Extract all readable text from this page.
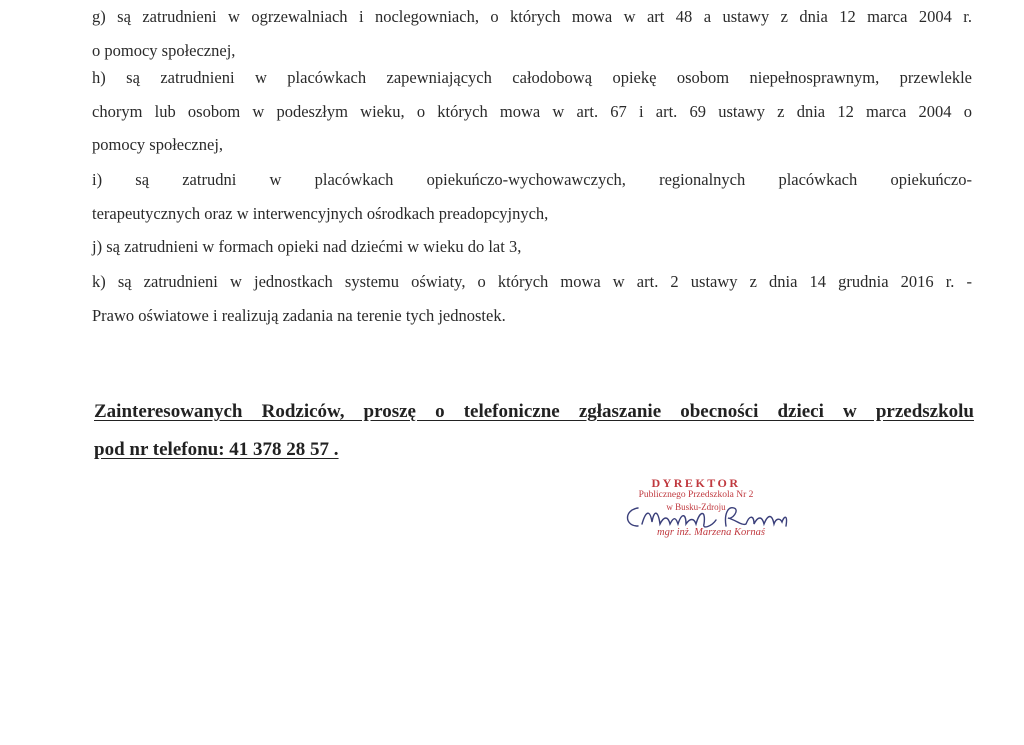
g) są zatrudnieni w ogrzewalniach i noclegowniach, o których mowa w art 48 a ustawy z dnia 12 marca 2004 r.
o pomocy społecznej,
h) są zatrudnieni w placówkach zapewniających całodobową opiekę osobom niepełnosprawnym, przewlekle
chorym lub osobom w podeszłym wieku, o których mowa w art. 67 i art. 69 ustawy z dnia 12 marca 2004 o
pomocy społecznej,
i) są zatrudni w placówkach opiekuńczo-wychowawczych, regionalnych placówkach opiekuńczo-
terapeutycznych oraz w interwencyjnych ośrodkach preadopcyjnych,
j) są zatrudnieni w formach opieki nad dziećmi w wieku do lat 3,
k) są zatrudnieni w jednostkach systemu oświaty, o których mowa w art. 2 ustawy z dnia 14 grudnia 2016 r. -
Prawo oświatowe i realizują zadania na terenie tych jednostek.
Zainteresowanych Rodziców, proszę o telefoniczne zgłaszanie obecności dzieci w przedszkolu
pod nr telefonu: 41 378 28 57 .
DYREKTOR
Publicznego Przedszkola Nr 2
w Busku-Zdroju
mgr inż. Marzena Kornaś
